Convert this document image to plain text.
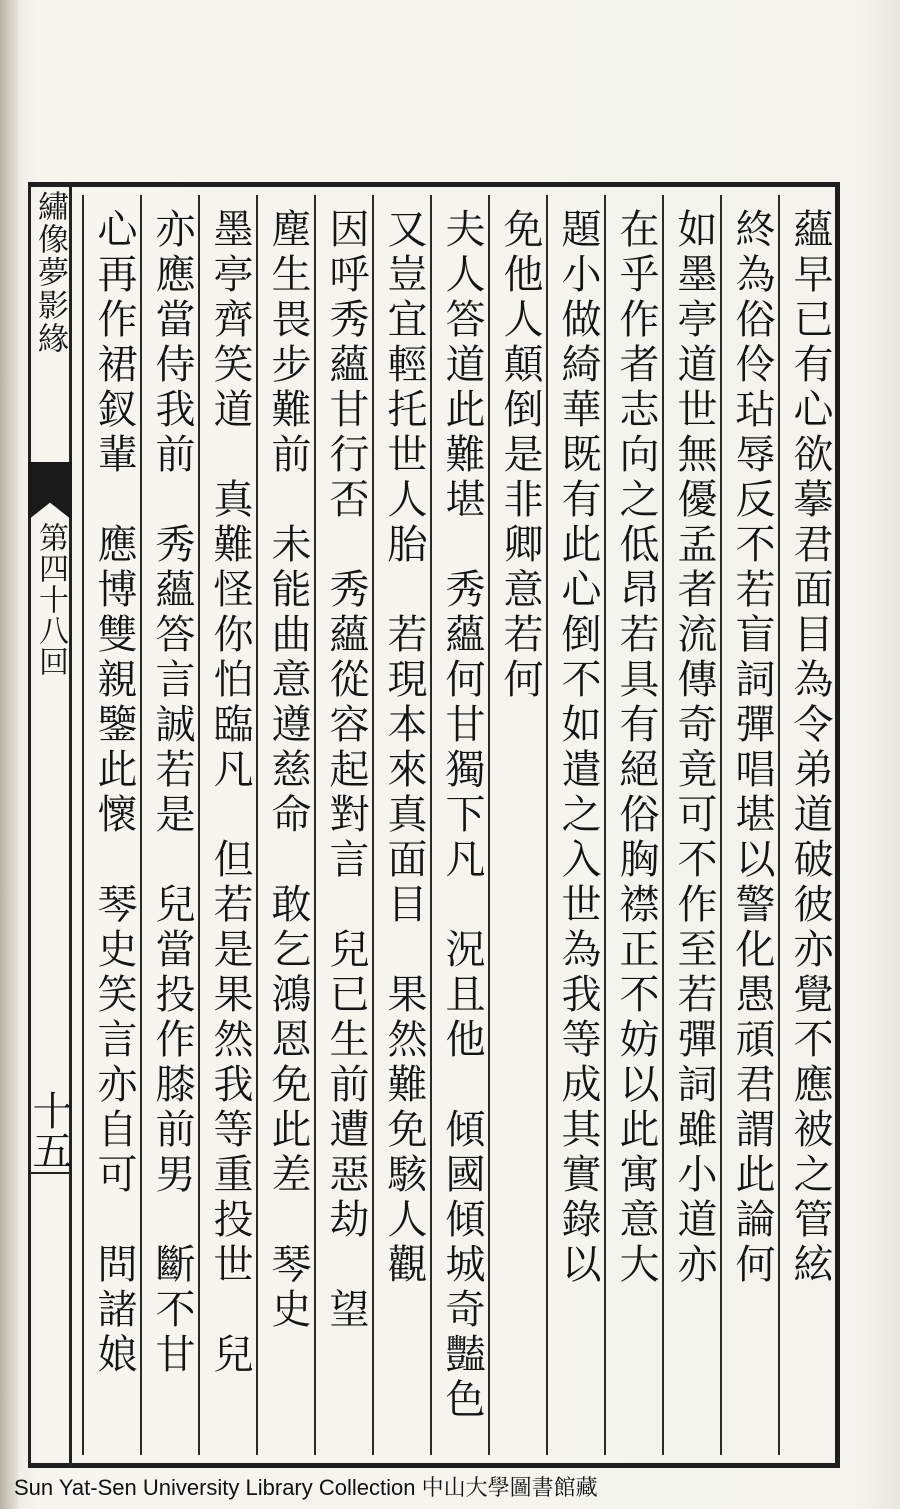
繡像夢影緣
第四十八回
十五	蘊早已有心欲摹君面目為令弟道破彼亦覺不應被之管絃
終為俗伶玷辱反不若盲詞彈唱堪以警化愚頑君謂此論何
如墨亭道世無優孟者流傳奇竟可不作至若彈詞雖小道亦
在乎作者志向之低昂若具有絕俗胸襟正不妨以此寓意大
題小做綺華既有此心倒不如遣之入世為我等成其實錄以
免他人顛倒是非卿意若何
夫人答道此難堪　秀蘊何甘獨下凡　況且他　傾國傾城奇豔色
又豈宜輕托世人胎　若現本來真面目　果然難免駭人觀
因呼秀蘊甘行否　秀蘊從容起對言　兒已生前遭惡劫　望
塵生畏步難前　未能曲意遵慈命　敢乞鴻恩免此差　琴史
墨亭齊笑道　真難怪你怕臨凡　但若是果然我等重投世　兒
亦應當侍我前　秀蘊答言誠若是　兒當投作膝前男　斷不甘
心再作裙釵輩　應博雙親鑒此懷　琴史笑言亦自可　問諸娘
Sun Yat-Sen University Library Collection 中山大學圖書館藏
